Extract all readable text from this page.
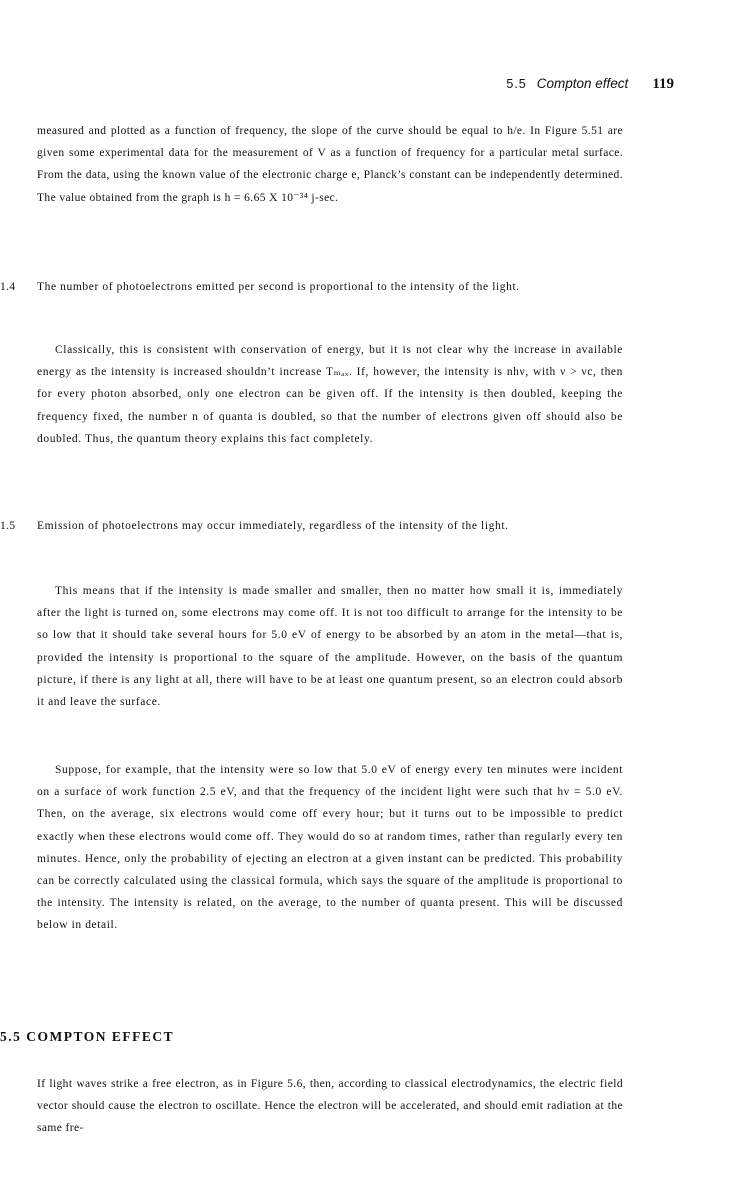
5.5 Compton effect 119

measured and plotted as a function of frequency, the slope of the curve should be equal to h/e. In Figure 5.51 are given some experimental data for the measurement of V as a function of frequency for a particular metal surface. From the data, using the known value of the electronic charge e, Planck’s constant can be independently determined. The value obtained from the graph is h = 6.65 X 10⁻³⁴ j-sec.

1.4 The number of photoelectrons emitted per second is proportional to the intensity of the light.

Classically, this is consistent with conservation of energy, but it is not clear why the increase in available energy as the intensity is increased shouldn’t increase Tₘₐₓ. If, however, the intensity is nhν, with ν > νc, then for every photon absorbed, only one electron can be given off. If the intensity is then doubled, keeping the frequency fixed, the number n of quanta is doubled, so that the number of electrons given off should also be doubled. Thus, the quantum theory explains this fact completely.

1.5 Emission of photoelectrons may occur immediately, regardless of the intensity of the light.

This means that if the intensity is made smaller and smaller, then no matter how small it is, immediately after the light is turned on, some electrons may come off. It is not too difficult to arrange for the intensity to be so low that it should take several hours for 5.0 eV of energy to be absorbed by an atom in the metal—that is, provided the intensity is proportional to the square of the amplitude. However, on the basis of the quantum picture, if there is any light at all, there will have to be at least one quantum present, so an electron could absorb it and leave the surface.

Suppose, for example, that the intensity were so low that 5.0 eV of energy every ten minutes were incident on a surface of work function 2.5 eV, and that the frequency of the incident light were such that hν = 5.0 eV. Then, on the average, six electrons would come off every hour; but it turns out to be impossible to predict exactly when these electrons would come off. They would do so at random times, rather than regularly every ten minutes. Hence, only the probability of ejecting an electron at a given instant can be predicted. This probability can be correctly calculated using the classical formula, which says the square of the amplitude is proportional to the intensity. The intensity is related, on the average, to the number of quanta present. This will be discussed below in detail.

5.5 COMPTON EFFECT

If light waves strike a free electron, as in Figure 5.6, then, according to classical electrodynamics, the electric field vector should cause the electron to oscillate. Hence the electron will be accelerated, and should emit radiation at the same fre-
